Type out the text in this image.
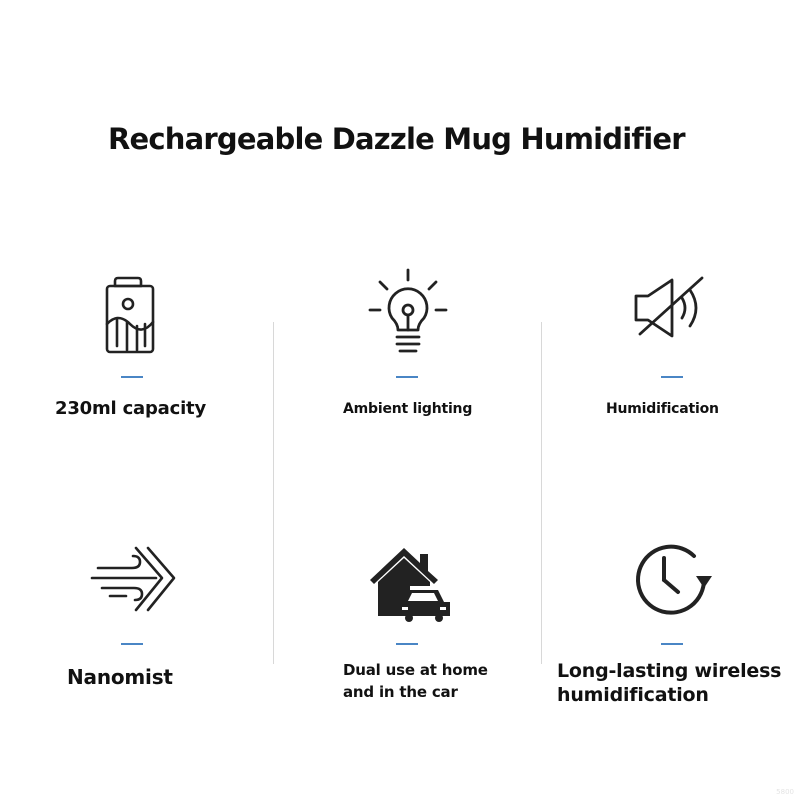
Rechargeable Dazzle Mug Humidifier
230ml capacity	Ambient lighting	Humidification
Nanomist	Dual use at home
and in the car
Long-lasting wireless
humidification
5800
